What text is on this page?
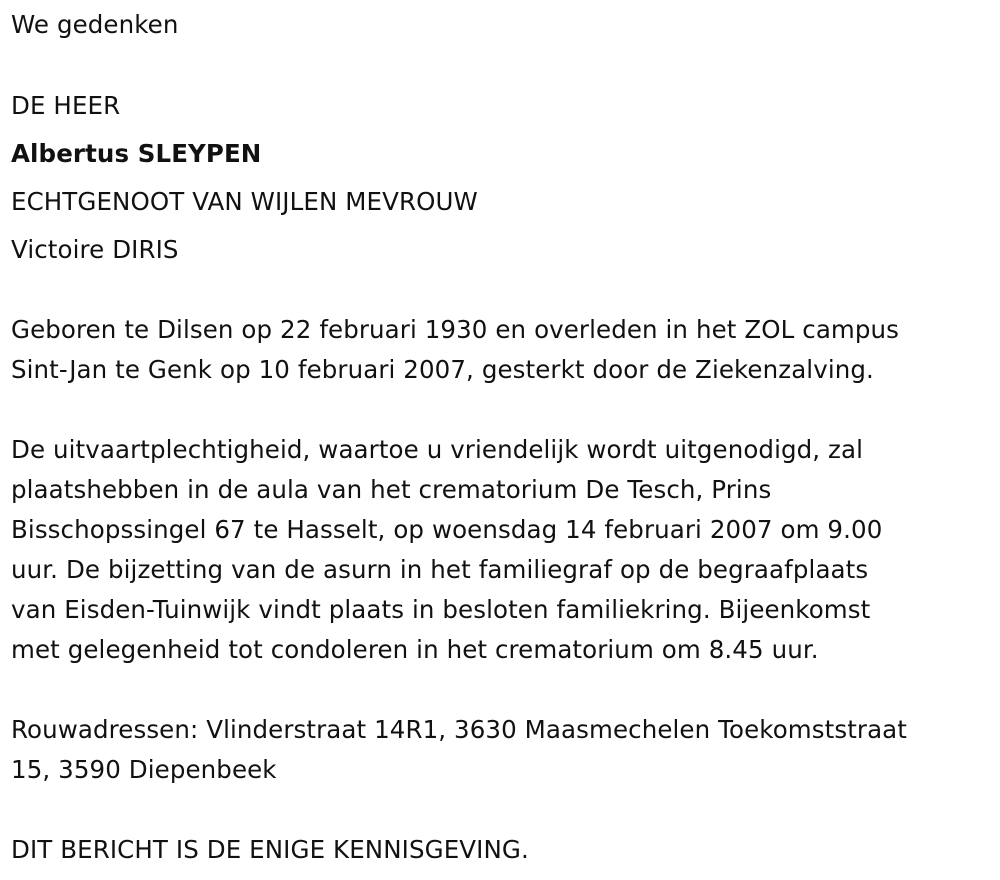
We gedenken
DE HEER
Albertus SLEYPEN
ECHTGENOOT VAN WIJLEN MEVROUW
Victoire DIRIS
Geboren te Dilsen op 22 februari 1930 en overleden in het ZOL campus
Sint-Jan te Genk op 10 februari 2007, gesterkt door de Ziekenzalving.
De uitvaartplechtigheid, waartoe u vriendelijk wordt uitgenodigd, zal
plaatshebben in de aula van het crematorium De Tesch, Prins
Bisschopssingel 67 te Hasselt, op woensdag 14 februari 2007 om 9.00
uur. De bijzetting van de asurn in het familiegraf op de begraafplaats
van Eisden-Tuinwijk vindt plaats in besloten familiekring. Bijeenkomst
met gelegenheid tot condoleren in het crematorium om 8.45 uur.
Rouwadressen: Vlinderstraat 14R1, 3630 Maasmechelen Toekomststraat
15, 3590 Diepenbeek
DIT BERICHT IS DE ENIGE KENNISGEVING.
